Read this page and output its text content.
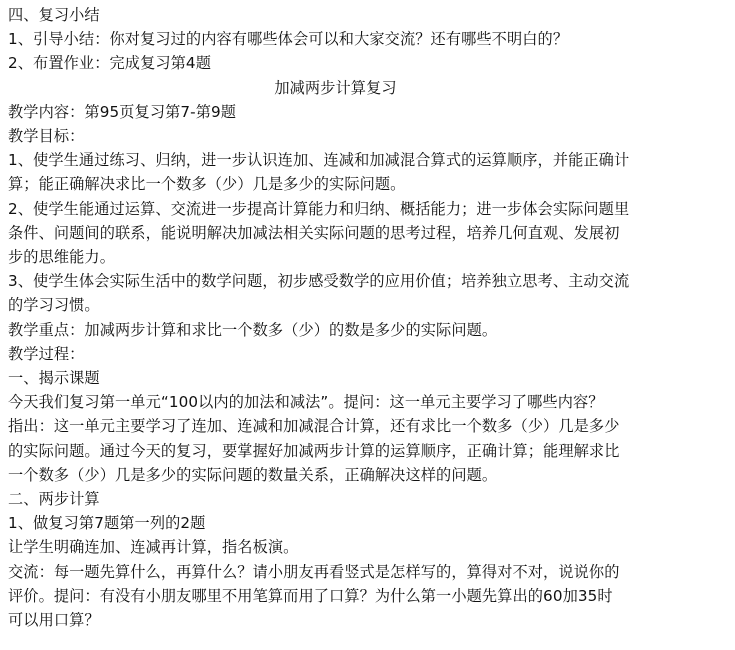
四、复习小结
1、引导小结：你对复习过的内容有哪些体会可以和大家交流？还有哪些不明白的？
2、布置作业：完成复习第4题
加减两步计算复习
教学内容：第95页复习第7-第9题
教学目标：
1、使学生通过练习、归纳，进一步认识连加、连减和加减混合算式的运算顺序，并能正确计
算；能正确解决求比一个数多（少）几是多少的实际问题。
2、使学生能通过运算、交流进一步提高计算能力和归纳、概括能力；进一步体会实际问题里
条件、问题间的联系，能说明解决加减法相关实际问题的思考过程，培养几何直观、发展初
步的思维能力。
3、使学生体会实际生活中的数学问题，初步感受数学的应用价值；培养独立思考、主动交流
的学习习惯。
教学重点：加减两步计算和求比一个数多（少）的数是多少的实际问题。
教学过程：
一、揭示课题
今天我们复习第一单元“100以内的加法和减法”。提问：这一单元主要学习了哪些内容？
指出：这一单元主要学习了连加、连减和加减混合计算，还有求比一个数多（少）几是多少
的实际问题。通过今天的复习，要掌握好加减两步计算的运算顺序，正确计算；能理解求比
一个数多（少）几是多少的实际问题的数量关系，正确解决这样的问题。
二、两步计算
1、做复习第7题第一列的2题
让学生明确连加、连减再计算，指名板演。
交流：每一题先算什么，再算什么？请小朋友再看竖式是怎样写的，算得对不对，说说你的
评价。提问：有没有小朋友哪里不用笔算而用了口算？为什么第一小题先算出的60加35时
可以用口算？
